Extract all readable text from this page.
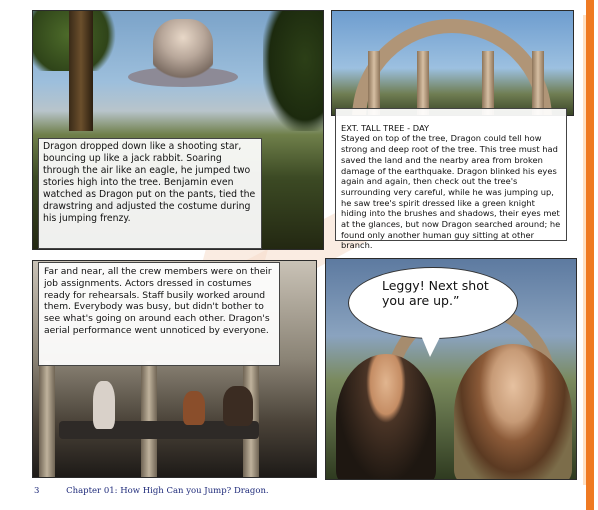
Dragon dropped down like a shooting star, bouncing up like a jack rabbit. Soaring through the air like an eagle, he jumped two stories high into the tree. Benjamin even watched as Dragon put on the pants, tied the drawstring and adjusted the costume during his jumping frenzy.

EXT. TALL TREE - DAY
Stayed on top of the tree, Dragon could tell how strong and deep root of the tree. This tree must had saved the land and the nearby area from broken damage of the earthquake. Dragon blinked his eyes again and again, then check out the tree's surrounding very careful, while he was jumping up, he saw tree's spirit dressed like a green knight hiding into the brushes and shadows, their eyes met at the glances, but now Dragon searched around; he found only another human guy sitting at other branch.

Far and near, all the crew members were on their job assignments. Actors dressed in costumes ready for rehearsals. Staff busily worked around them. Everybody was busy, but didn't bother to see what's going on around each other. Dragon's aerial performance went unnoticed by everyone.
Leggy! Next shot you are up.”
3	Chapter 01: How High Can you Jump? Dragon.
